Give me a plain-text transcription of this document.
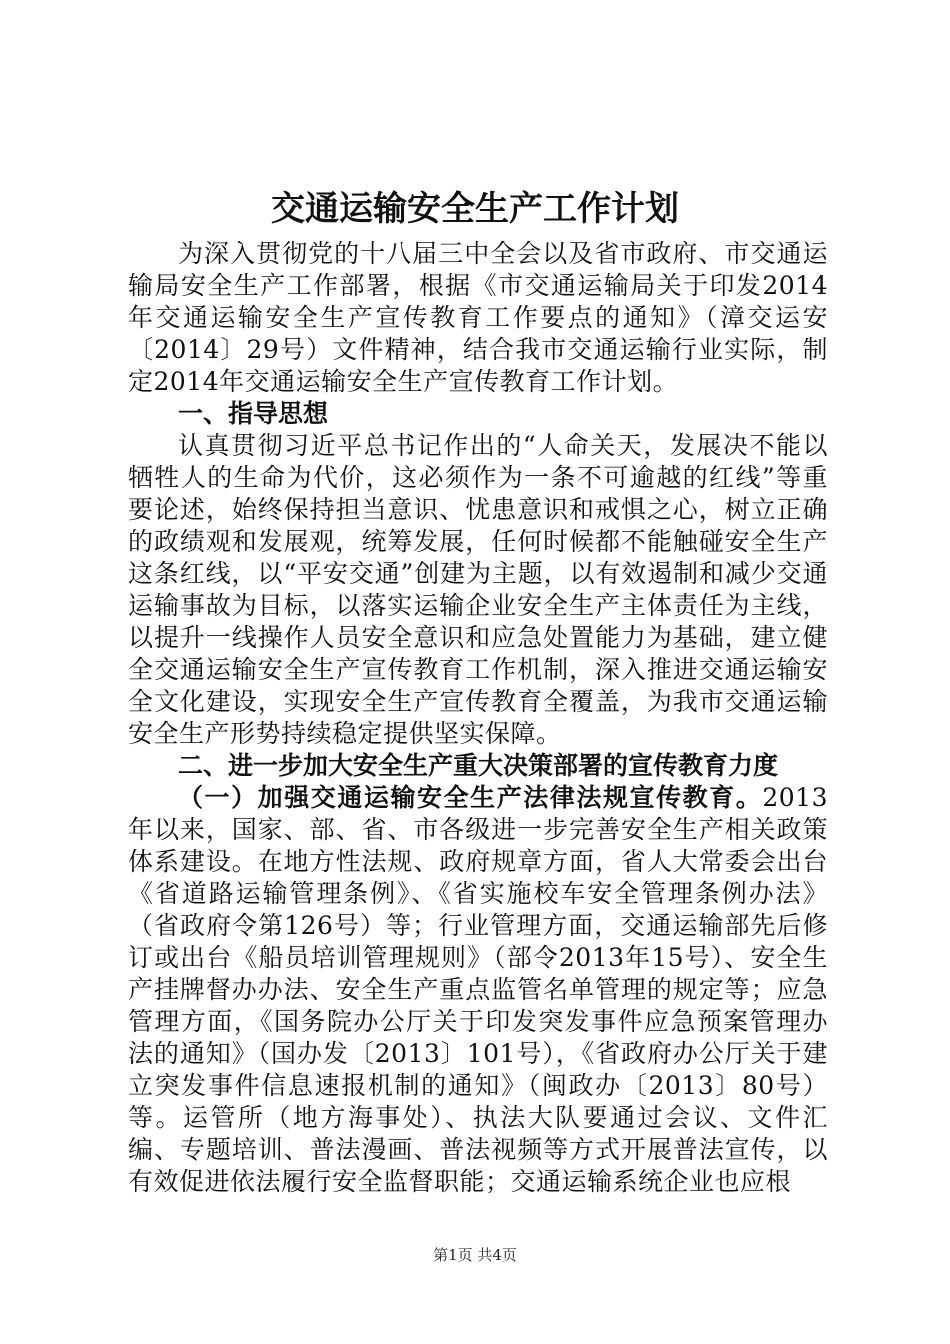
交通运输安全生产工作计划

为深入贯彻党的十八届三中全会以及省市政府、市交通运输局安全生产工作部署，根据《市交通运输局关于印发2014年交通运输安全生产宣传教育工作要点的通知》（漳交运安〔2014〕29号）文件精神，结合我市交通运输行业实际，制定2014年交通运输安全生产宣传教育工作计划。

一、指导思想

认真贯彻习近平总书记作出的“人命关天，发展决不能以牺牲人的生命为代价，这必须作为一条不可逾越的红线”等重要论述，始终保持担当意识、忧患意识和戒惧之心，树立正确的政绩观和发展观，统筹发展，任何时候都不能触碰安全生产这条红线，以“平安交通”创建为主题，以有效遏制和减少交通运输事故为目标，以落实运输企业安全生产主体责任为主线，以提升一线操作人员安全意识和应急处置能力为基础，建立健全交通运输安全生产宣传教育工作机制，深入推进交通运输安全文化建设，实现安全生产宣传教育全覆盖，为我市交通运输安全生产形势持续稳定提供坚实保障。

二、进一步加大安全生产重大决策部署的宣传教育力度

（一）加强交通运输安全生产法律法规宣传教育。2013年以来，国家、部、省、市各级进一步完善安全生产相关政策体系建设。在地方性法规、政府规章方面，省人大常委会出台《省道路运输管理条例》、《省实施校车安全管理条例办法》（省政府令第126号）等；行业管理方面，交通运输部先后修订或出台《船员培训管理规则》（部令2013年15号）、安全生产挂牌督办办法、安全生产重点监管名单管理的规定等；应急管理方面，《国务院办公厅关于印发突发事件应急预案管理办法的通知》（国办发〔2013〕101号），《省政府办公厅关于建立突发事件信息速报机制的通知》（闽政办〔2013〕80号）等。运管所（地方海事处）、执法大队要通过会议、文件汇编、专题培训、普法漫画、普法视频等方式开展普法宣传，以有效促进依法履行安全监督职能；交通运输系统企业也应根

第1页 共4页
